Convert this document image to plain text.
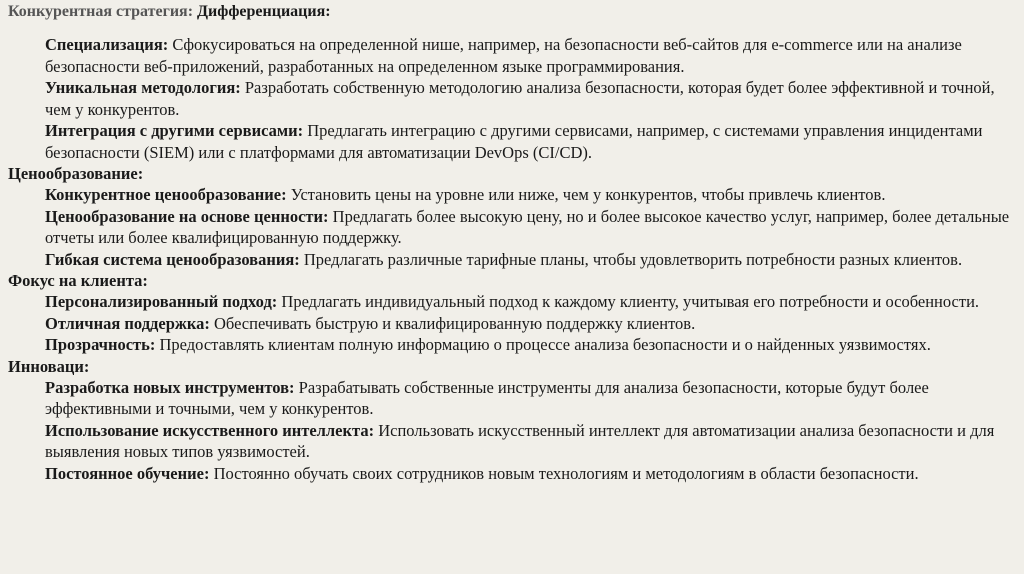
Конкурентная стратегия: Дифференциация:
Специализация: Сфокусироваться на определенной нише, например, на безопасности веб-сайтов для e-commerce или на анализе безопасности веб-приложений, разработанных на определенном языке программирования.
Уникальная методология: Разработать собственную методологию анализа безопасности, которая будет более эффективной и точной, чем у конкурентов.
Интеграция с другими сервисами: Предлагать интеграцию с другими сервисами, например, с системами управления инцидентами безопасности (SIEM) или с платформами для автоматизации DevOps (CI/CD).
Ценообразование:
Конкурентное ценообразование: Установить цены на уровне или ниже, чем у конкурентов, чтобы привлечь клиентов.
Ценообразование на основе ценности: Предлагать более высокую цену, но и более высокое качество услуг, например, более детальные отчеты или более квалифицированную поддержку.
Гибкая система ценообразования: Предлагать различные тарифные планы, чтобы удовлетворить потребности разных клиентов.
Фокус на клиента:
Персонализированный подход: Предлагать индивидуальный подход к каждому клиенту, учитывая его потребности и особенности.
Отличная поддержка: Обеспечивать быструю и квалифицированную поддержку клиентов.
Прозрачность: Предоставлять клиентам полную информацию о процессе анализа безопасности и о найденных уязвимостях.
Инноваци:
Разработка новых инструментов: Разрабатывать собственные инструменты для анализа безопасности, которые будут более эффективными и точными, чем у конкурентов.
Использование искусственного интеллекта: Использовать искусственный интеллект для автоматизации анализа безопасности и для выявления новых типов уязвимостей.
Постоянное обучение: Постоянно обучать своих сотрудников новым технологиям и методологиям в области безопасности.
